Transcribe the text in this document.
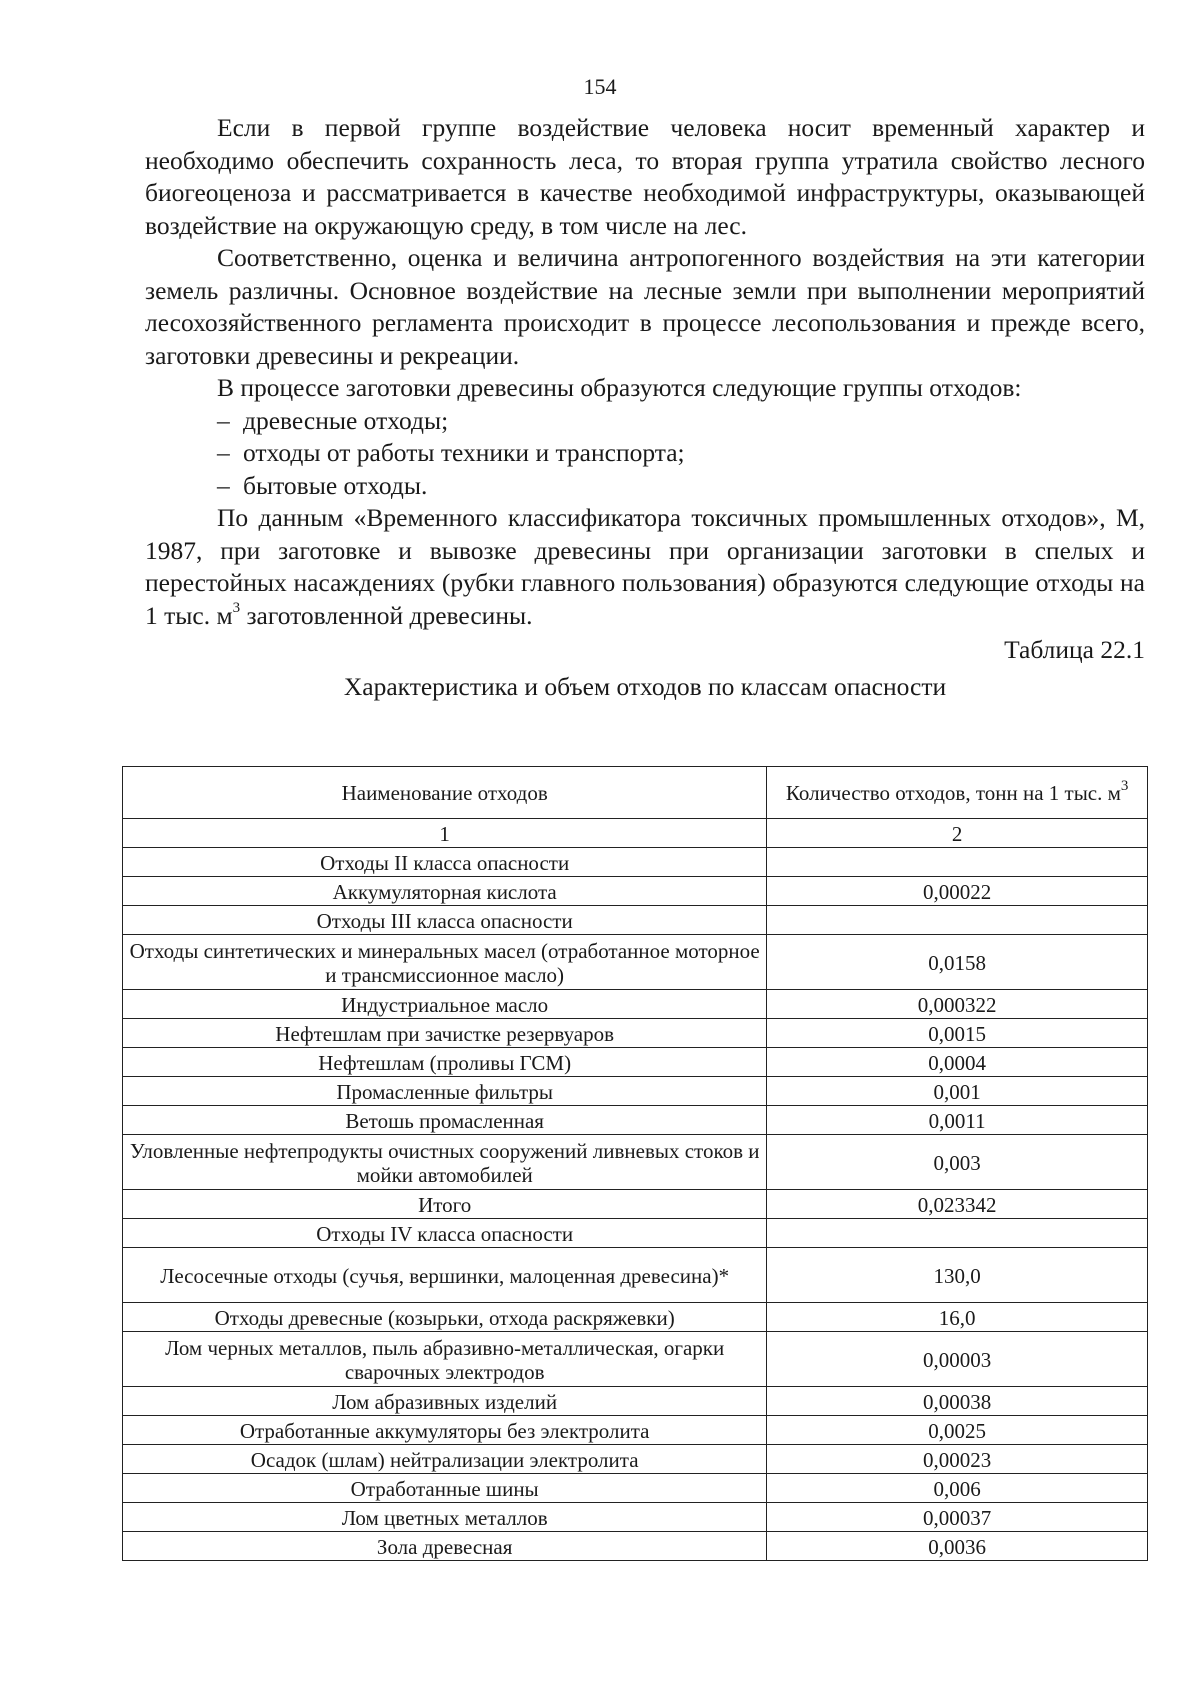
154

Если в первой группе воздействие человека носит временный характер и необходимо обеспечить сохранность леса, то вторая группа утратила свойство лесного биогеоценоза и рассматривается в качестве необходимой инфраструктуры, оказывающей воздействие на окружающую среду, в том числе на лес.

Соответственно, оценка и величина антропогенного воздействия на эти категории земель различны. Основное воздействие на лесные земли при выполнении мероприятий лесохозяйственного регламента происходит в процессе лесопользования и прежде всего, заготовки древесины и рекреации.

В процессе заготовки древесины образуются следующие группы отходов:

– древесные отходы;

– отходы от работы техники и транспорта;

– бытовые отходы.

По данным «Временного классификатора токсичных промышленных отходов», М, 1987, при заготовке и вывозке древесины при организации заготовки в спелых и перестойных насаждениях (рубки главного пользования) образуются следующие отходы на 1 тыс. $м^3$ заготовленной древесины.

Таблица 22.1

Характеристика и объем отходов по классам опасности

Наименование отходов	Количество отходов, тонн на 1 тыс. $м^3$
1	2
Отходы II класса опасности	
Аккумуляторная кислота	0,00022
Отходы III класса опасности	
Отходы синтетических и минеральных масел (отработанное моторное и трансмиссионное масло)	0,0158
Индустриальное масло	0,000322
Нефтешлам при зачистке резервуаров	0,0015
Нефтешлам (проливы ГСМ)	0,0004
Промасленные фильтры	0,001
Ветошь промасленная	0,0011
Уловленные нефтепродукты очистных сооружений ливневых стоков и мойки автомобилей	0,003
Итого	0,023342
Отходы IV класса опасности	
Лесосечные отходы (сучья, вершинки, малоценная древесина)*	130,0
Отходы древесные (козырьки, отхода раскряжевки)	16,0
Лом черных металлов, пыль абразивно-металлическая, огарки сварочных электродов	0,00003
Лом абразивных изделий	0,00038
Отработанные аккумуляторы без электролита	0,0025
Осадок (шлам) нейтрализации электролита	0,00023
Отработанные шины	0,006
Лом цветных металлов	0,00037
Зола древесная	0,0036
